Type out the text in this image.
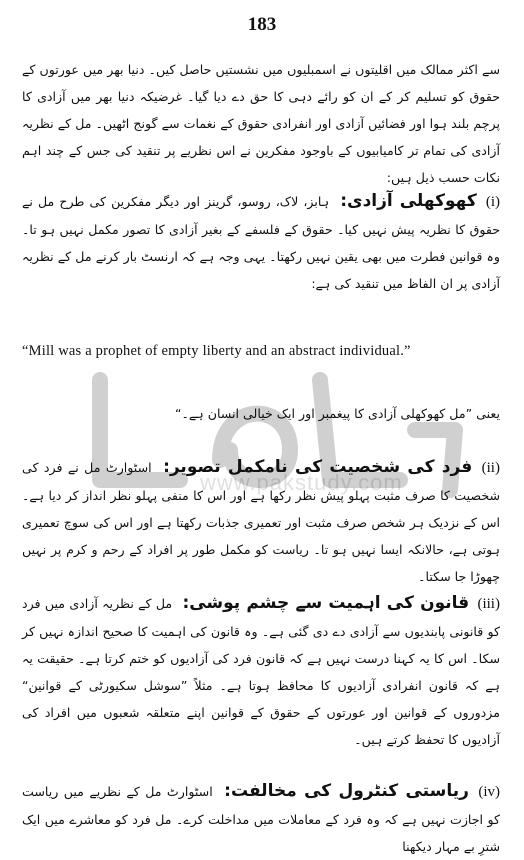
183
سے اکثر ممالک میں اقلیتوں نے اسمبلیوں میں نشستیں حاصل کیں۔ دنیا بھر میں عورتوں کے حقوق کو تسلیم کر کے ان کو رائے دہی کا حق دے دیا گیا۔ غرضیکہ دنیا بھر میں آزادی کا پرچم بلند ہوا اور فضائیں آزادی اور انفرادی حقوق کے نغمات سے گونج اٹھیں۔ مل کے نظریہ آزادی کی تمام تر کامیابیوں کے باوجود مفکرین نے اس نظریے پر تنقید کی جس کے چند اہم نکات حسب ذیل ہیں:
(i) کھوکھلی آزادی: ہابز، لاک، روسو، گرینز اور دیگر مفکرین کی طرح مل نے حقوق کا نظریہ پیش نہیں کیا۔ حقوق کے فلسفے کے بغیر آزادی کا تصور مکمل نہیں ہو تا۔ وہ قوانین فطرت میں بھی یقین نہیں رکھتا۔ یہی وجہ ہے کہ ارنسٹ بار کرنے مل کے نظریہ آزادی پر ان الفاظ میں تنقید کی ہے:
“Mill was a prophet of empty liberty and an abstract individual.”
یعنی ”مل کھوکھلی آزادی کا پیغمبر اور ایک خیالی انسان ہے۔“
www.pakstudy.com
(ii) فرد کی شخصیت کی نامکمل تصویر: اسٹوارٹ مل نے فرد کی شخصیت کا صرف مثبت پہلو پیش نظر رکھا ہے اور اس کا منفی پہلو نظر انداز کر دیا ہے۔ اس کے نزدیک ہر شخص صرف مثبت اور تعمیری جذبات رکھتا ہے اور اس کی سوچ تعمیری ہوتی ہے، حالانکہ ایسا نہیں ہو تا۔ ریاست کو مکمل طور پر افراد کے رحم و کرم پر نہیں چھوڑا جا سکتا۔
(iii) قانون کی اہمیت سے چشم پوشی: مل کے نظریہ آزادی میں فرد کو قانونی پابندیوں سے آزادی دے دی گئی ہے۔ وہ قانون کی اہمیت کا صحیح اندازہ نہیں کر سکا۔ اس کا یہ کہنا درست نہیں ہے کہ قانون فرد کی آزادیوں کو ختم کرتا ہے۔ حقیقت یہ ہے کہ قانون انفرادی آزادیوں کا محافظ ہوتا ہے۔ مثلاً ”سوشل سکیورٹی کے قوانین“ مزدوروں کے قوانین اور عورتوں کے حقوق کے قوانین اپنے متعلقہ شعبوں میں افراد کی آزادیوں کا تحفظ کرتے ہیں۔
(iv) ریاستی کنٹرول کی مخالفت: اسٹوارٹ مل کے نظریے میں ریاست کو اجازت نہیں ہے کہ وہ فرد کے معاملات میں مداخلت کرے۔ مل فرد کو معاشرے میں ایک شترِ بے مہار دیکھنا
